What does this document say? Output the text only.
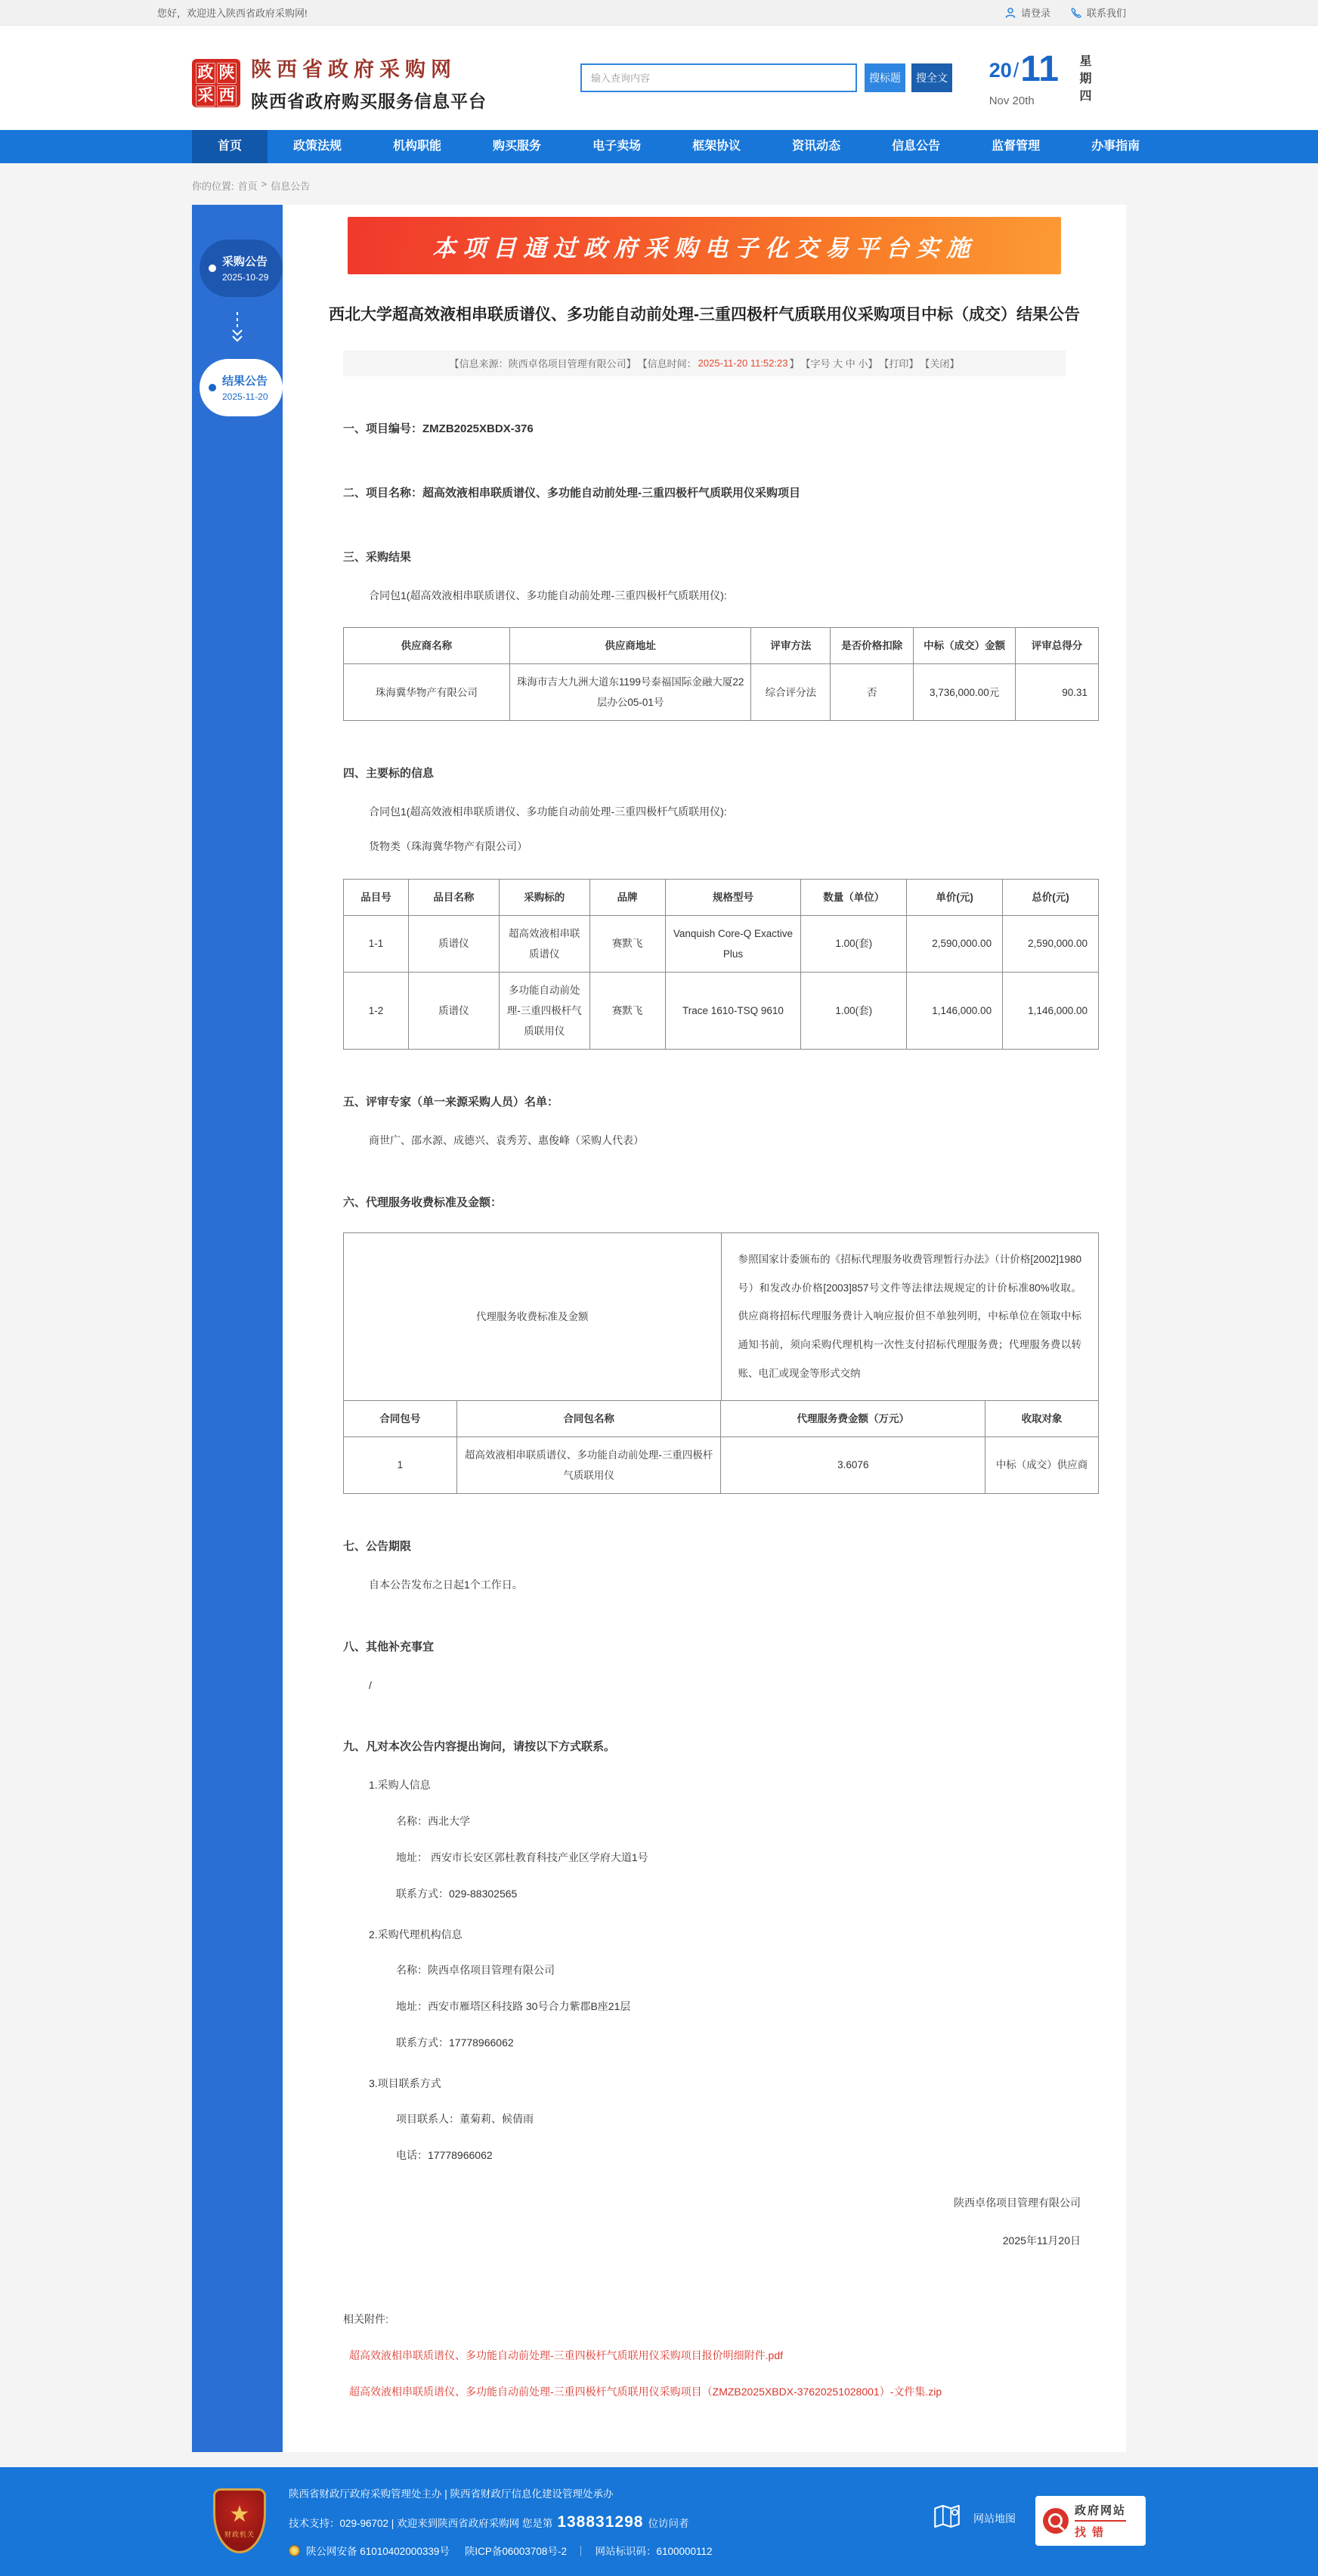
您好，欢迎进入陕西省政府采购网!	请登录	联系我们
政 陕
采 西
陕西省政府采购网
陕西省政府购买服务信息平台
输入查询内容
搜标题	搜全文 20 / 11
Nov 20th	星期四
首页	政策法规	机构职能	购买服务	电子卖场	框架协议	资讯动态	信息公告	监督管理	办事指南
你的位置: 首页 > 信息公告
采购公告
2025-10-29
结果公告
2025-11-20
本项目通过政府采购电子化交易平台实施
西北大学超高效液相串联质谱仪、多功能自动前处理-三重四极杆气质联用仪采购项目中标（成交）结果公告
【信息来源：陕西卓佲项目管理有限公司】 【信息时间： 2025-11-20 11:52:23 】 【字号 大 中 小】 【打印】 【关闭】
一、项目编号：ZMZB2025XBDX-376
二、项目名称：超高效液相串联质谱仪、多功能自动前处理-三重四极杆气质联用仪采购项目
三、采购结果
合同包1(超高效液相串联质谱仪、多功能自动前处理-三重四极杆气质联用仪):
供应商名称	供应商地址	评审方法	是否价格扣除	中标（成交）金额	评审总得分
珠海冀华物产有限公司	珠海市吉大九洲大道东1199号泰福国际金融大厦22层办公05-01号	综合评分法	否	3,736,000.00元	90.31
四、主要标的信息
合同包1(超高效液相串联质谱仪、多功能自动前处理-三重四极杆气质联用仪):
货物类（珠海冀华物产有限公司）
品目号	品目名称	采购标的	品牌	规格型号	数量（单位）	单价(元)	总价(元)
1-1	质谱仪	超高效液相串联质谱仪	赛默飞	Vanquish Core-Q Exactive Plus	1.00(套)	2,590,000.00	2,590,000.00
1-2	质谱仪	多功能自动前处理-三重四极杆气质联用仪	赛默飞	Trace 1610-TSQ 9610	1.00(套)	1,146,000.00	1,146,000.00
五、评审专家（单一来源采购人员）名单：
商世广、邵水源、成德兴、袁秀芳、惠俊峰（采购人代表）
六、代理服务收费标准及金额：
代理服务收费标准及金额	参照国家计委颁布的《招标代理服务收费管理暂行办法》（计价格[2002]1980号）和发改办价格[2003]857号文件等法律法规规定的计价标准80%收取。 供应商将招标代理服务费计入响应报价但不单独列明，中标单位在领取中标通知书前，须向采购代理机构一次性支付招标代理服务费；代理服务费以转账、电汇或现金等形式交纳
合同包号	合同包名称	代理服务费金额（万元）	收取对象
1	超高效液相串联质谱仪、多功能自动前处理-三重四极杆气质联用仪	3.6076	中标（成交）供应商
七、公告期限
自本公告发布之日起1个工作日。
八、其他补充事宜
/
九、凡对本次公告内容提出询问，请按以下方式联系。
1.采购人信息
名称：西北大学
地址： 西安市长安区郭杜教育科技产业区学府大道1号
联系方式：029-88302565
2.采购代理机构信息
名称：陕西卓佲项目管理有限公司
地址：西安市雁塔区科技路 30号合力紫郡B座21层
联系方式：17778966062
3.项目联系方式
项目联系人：董菊莉、候倩雨
电话：17778966062
陕西卓佲项目管理有限公司
2025年11月20日
相关附件:
超高效液相串联质谱仪、多功能自动前处理-三重四极杆气质联用仪采购项目报价明细附件.pdf
超高效液相串联质谱仪、多功能自动前处理-三重四极杆气质联用仪采购项目（ZMZB2025XBDX-37620251028001）-文件集.zip
★
财政机关
陕西省财政厅政府采购管理处主办 | 陕西省财政厅信息化建设管理处承办
技术支持：029-96702 | 欢迎来到陕西省政府采购网 您是第 138831298 位访问者
陕公网安备 61010402000339号 陕ICP备06003708号-2 ｜ 网站标识码：6100000112
网站地图
政府网站
找错
